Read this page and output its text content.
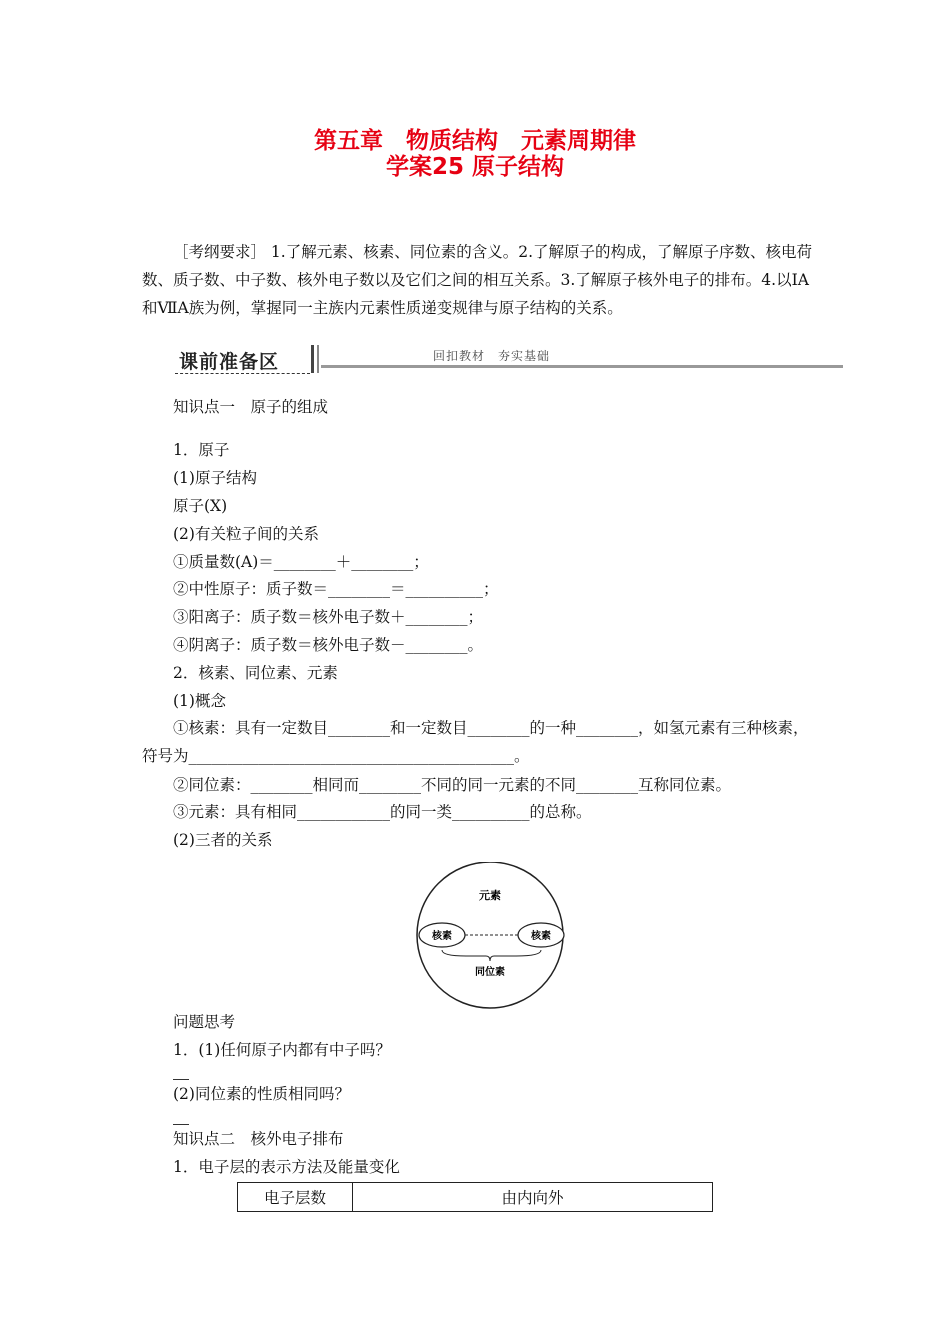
第五章　物质结构　元素周期律
学案25 原子结构
［考纲要求］ 1.了解元素、核素、同位素的含义。2.了解原子的构成，了解原子序数、核电荷数、质子数、中子数、核外电子数以及它们之间的相互关系。3.了解原子核外电子的排布。4.以ⅠA和ⅦA族为例，掌握同一主族内元素性质递变规律与原子结构的关系。
课前准备区	回扣教材　夯实基础
知识点一　原子的组成
1．原子
(1)原子结构
原子(X)
(2)有关粒子间的关系
①质量数(A)＝________＋________；
②中性原子：质子数＝________＝__________；
③阳离子：质子数＝核外电子数＋________；
④阴离子：质子数＝核外电子数－________。
2．核素、同位素、元素
(1)概念
①核素：具有一定数目________和一定数目________的一种________，如氢元素有三种核素，符号为__________________________________________。
②同位素：________相同而________不同的同一元素的不同________互称同位素。
③元素：具有相同____________的同一类__________的总称。
(2)三者的关系
元素
核素	核素
同位素
问题思考
1．(1)任何原子内都有中子吗？
(2)同位素的性质相同吗？
知识点二　核外电子排布
1．电子层的表示方法及能量变化
电子层数	由内向外
